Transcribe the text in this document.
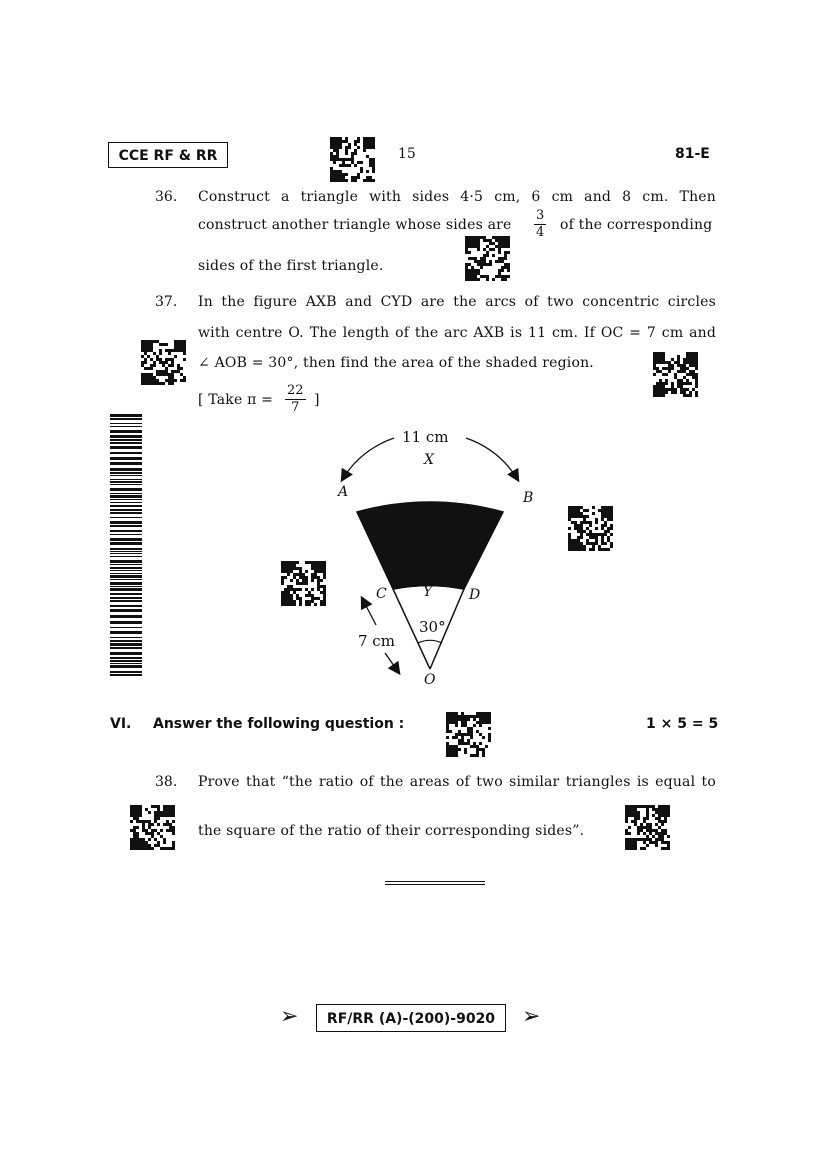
CCE RF & RR	15	81-E
36. Construct a triangle with sides 4·5 cm, 6 cm and 8 cm. Then
construct another triangle whose sides are $\frac{3}{4}$ of the corresponding
sides of the first triangle.
37. In the figure AXB and CYD are the arcs of two concentric circles
with centre O. The length of the arc AXB is 11 cm. If OC = 7 cm and
∠ AOB = 30°, then find the area of the shaded region.
[ Take $\pi = \frac{22}{7}$ ]
11 cm
X
A	B
C	Y	D
30°
7 cm
O
VI. Answer the following question :	1 × 5 = 5
38. Prove that “the ratio of the areas of two similar triangles is equal to
the square of the ratio of their corresponding sides”.
➢	RF/RR (A)-(200)-9020	➢
